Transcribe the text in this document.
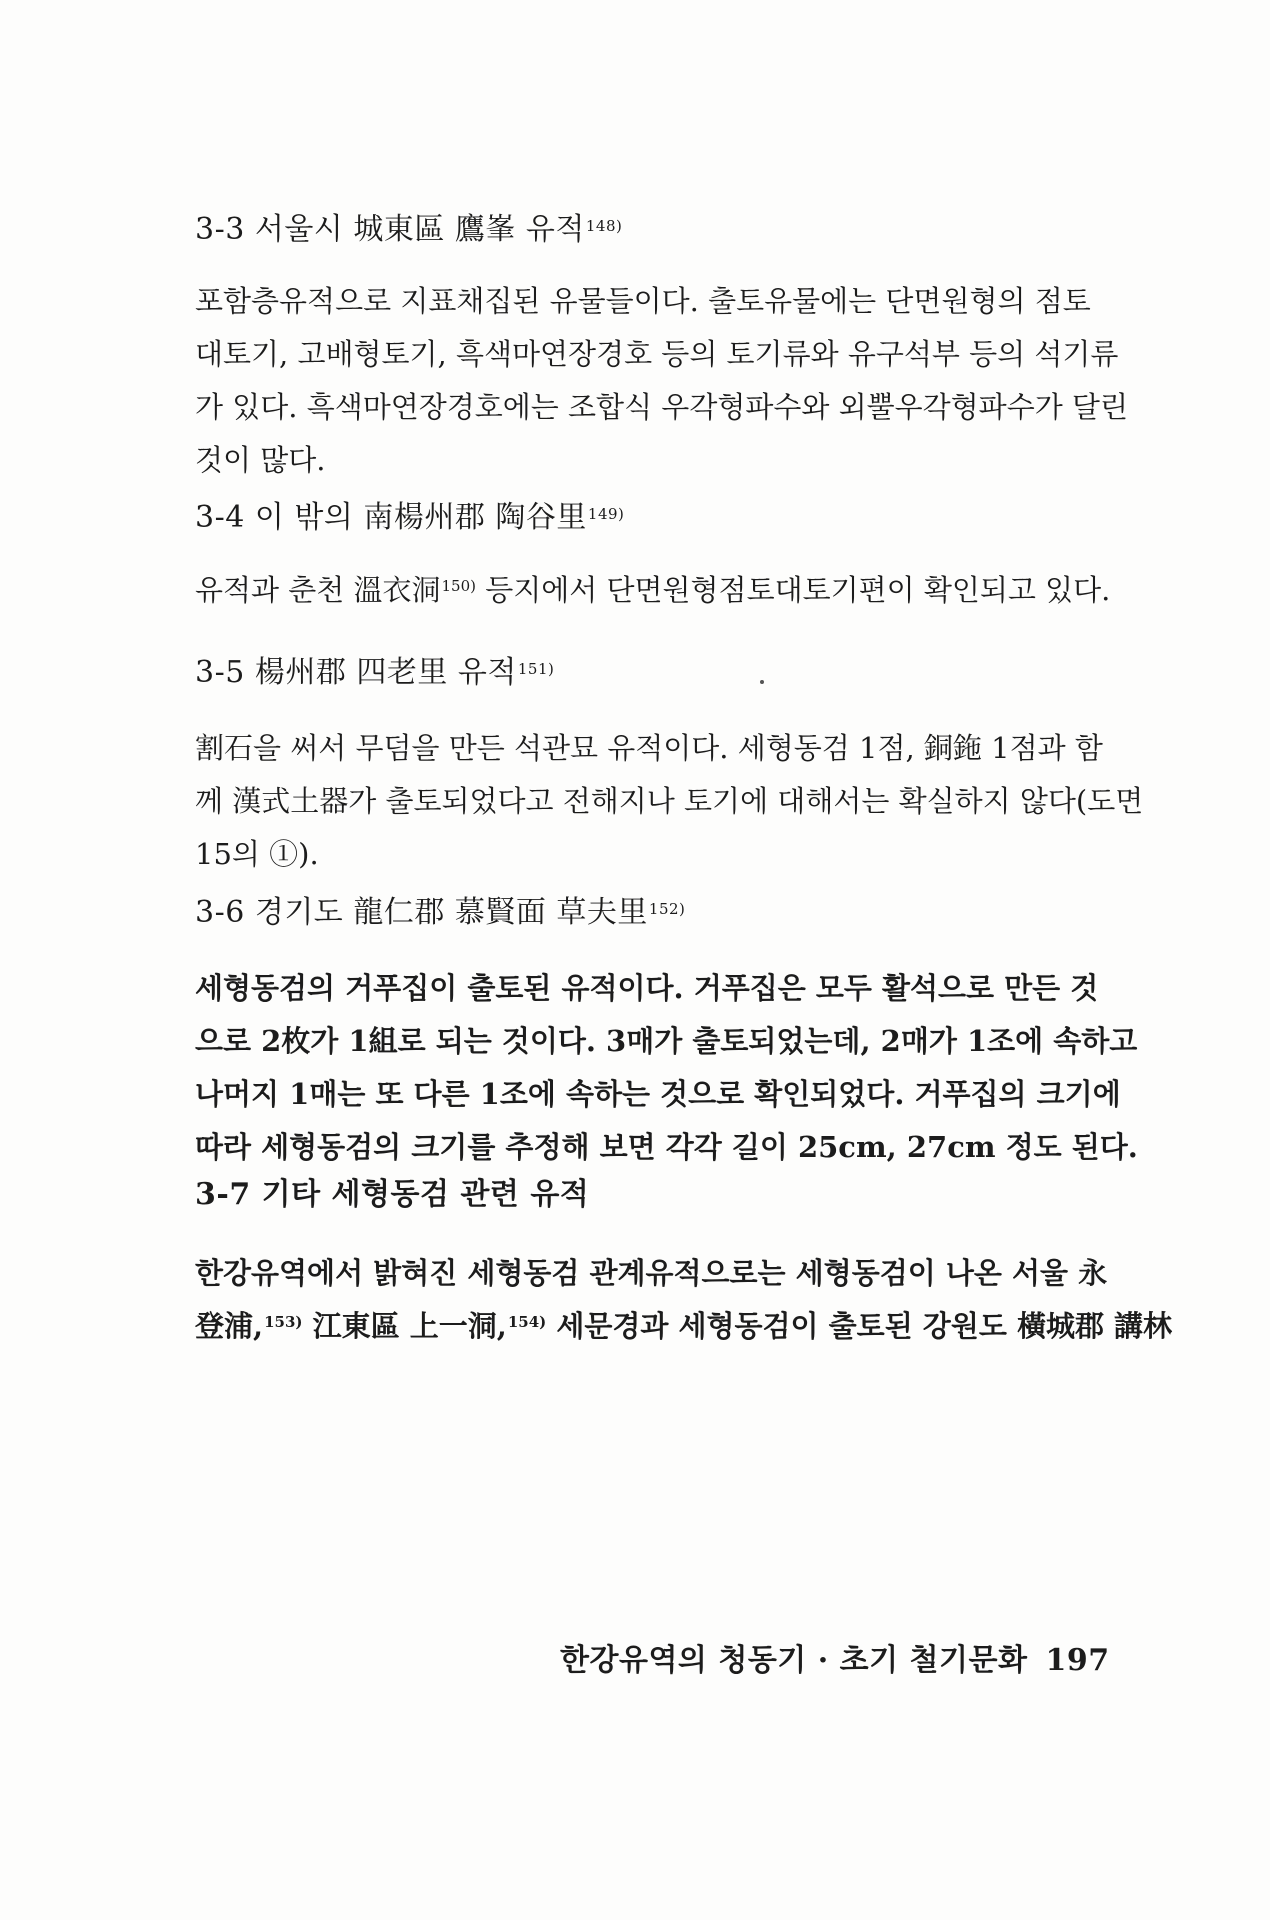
3-3 서울시 城東區 鷹峯 유적$^{148)}$

포함층유적으로 지표채집된 유물들이다. 출토유물에는 단면원형의 점토
대토기, 고배형토기, 흑색마연장경호 등의 토기류와 유구석부 등의 석기류
가 있다. 흑색마연장경호에는 조합식 우각형파수와 외뿔우각형파수가 달린
것이 많다.

3-4 이 밖의 南楊州郡 陶谷里$^{149)}$

유적과 춘천 溫衣洞$^{150)}$ 등지에서 단면원형점토대토기편이 확인되고 있다.

3-5 楊州郡 四老里 유적$^{151)}$

割石을 써서 무덤을 만든 석관묘 유적이다. 세형동검 1점, 銅鉇 1점과 함
께 漢式土器가 출토되었다고 전해지나 토기에 대해서는 확실하지 않다(도면
15의 ①).

3-6 경기도 龍仁郡 慕賢面 草夫里$^{152)}$

세형동검의 거푸집이 출토된 유적이다. 거푸집은 모두 활석으로 만든 것
으로 2枚가 1組로 되는 것이다. 3매가 출토되었는데, 2매가 1조에 속하고
나머지 1매는 또 다른 1조에 속하는 것으로 확인되었다. 거푸집의 크기에
따라 세형동검의 크기를 추정해 보면 각각 길이 25cm, 27cm 정도 된다.

3-7 기타 세형동검 관련 유적

한강유역에서 밝혀진 세형동검 관계유적으로는 세형동검이 나온 서울 永
登浦,$^{153)}$ 江東區 上一洞,$^{154)}$ 세문경과 세형동검이 출토된 강원도 橫城郡 講林

한강유역의 청동기 · 초기 철기문화 197
